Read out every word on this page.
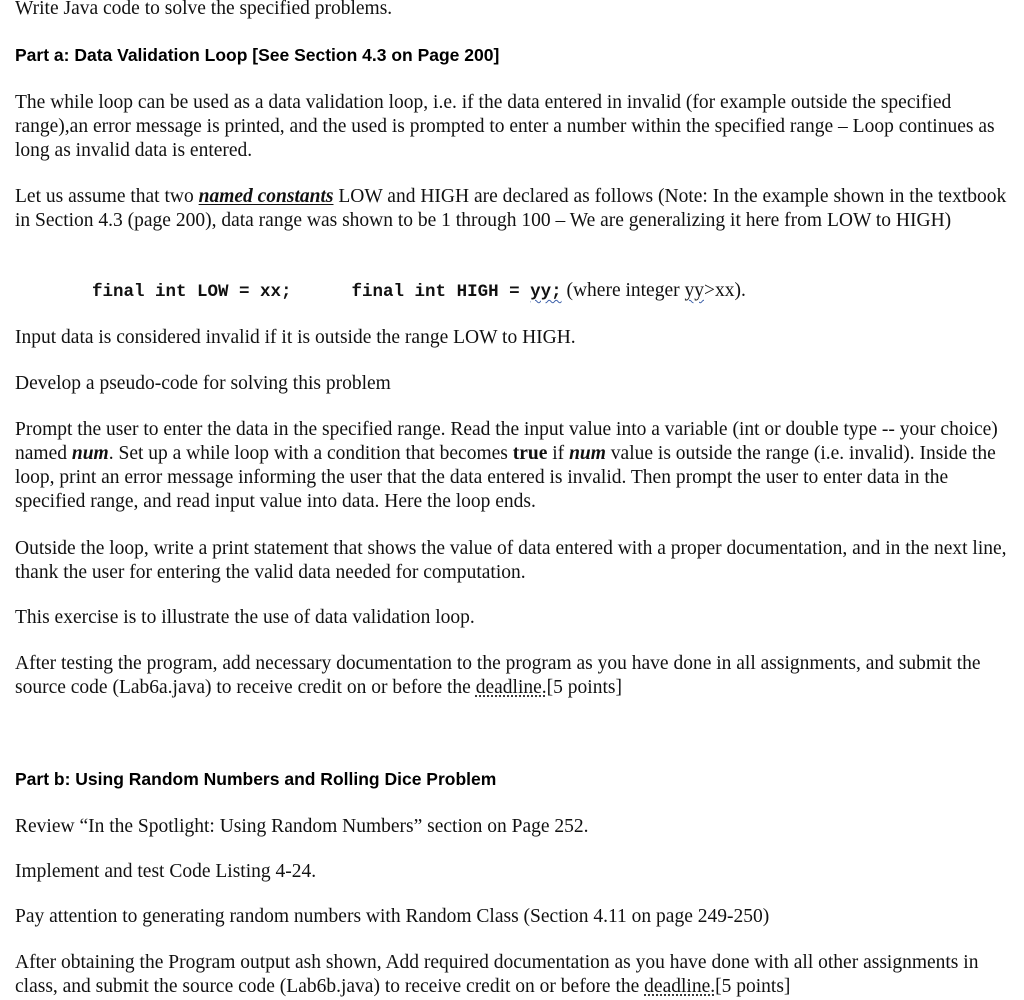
Write Java code to solve the specified problems.

Part a: Data Validation Loop [See Section 4.3 on Page 200]

The while loop can be used as a data validation loop, i.e. if the data entered in invalid (for example outside the specified range),an error message is printed, and the used is prompted to enter a number within the specified range – Loop continues as long as invalid data is entered.

Let us assume that two named constants LOW and HIGH are declared as follows (Note: In the example shown in the textbook in Section 4.3 (page 200), data range was shown to be 1 through 100 – We are generalizing it here from LOW to HIGH)

final int LOW = xx;	final int HIGH = yy; (where integer yy>xx).

Input data is considered invalid if it is outside the range LOW to HIGH.

Develop a pseudo-code for solving this problem

Prompt the user to enter the data in the specified range. Read the input value into a variable (int or double type -- your choice) named num. Set up a while loop with a condition that becomes true if num value is outside the range (i.e. invalid). Inside the loop, print an error message informing the user that the data entered is invalid. Then prompt the user to enter data in the specified range, and read input value into data. Here the loop ends.

Outside the loop, write a print statement that shows the value of data entered with a proper documentation, and in the next line, thank the user for entering the valid data needed for computation.

This exercise is to illustrate the use of data validation loop.

After testing the program, add necessary documentation to the program as you have done in all assignments, and submit the source code (Lab6a.java) to receive credit on or before the deadline.[5 points]

Part b: Using Random Numbers and Rolling Dice Problem

Review “In the Spotlight: Using Random Numbers” section on Page 252.

Implement and test Code Listing 4-24.

Pay attention to generating random numbers with Random Class (Section 4.11 on page 249-250)

After obtaining the Program output ash shown, Add required documentation as you have done with all other assignments in class, and submit the source code (Lab6b.java) to receive credit on or before the deadline.[5 points]
